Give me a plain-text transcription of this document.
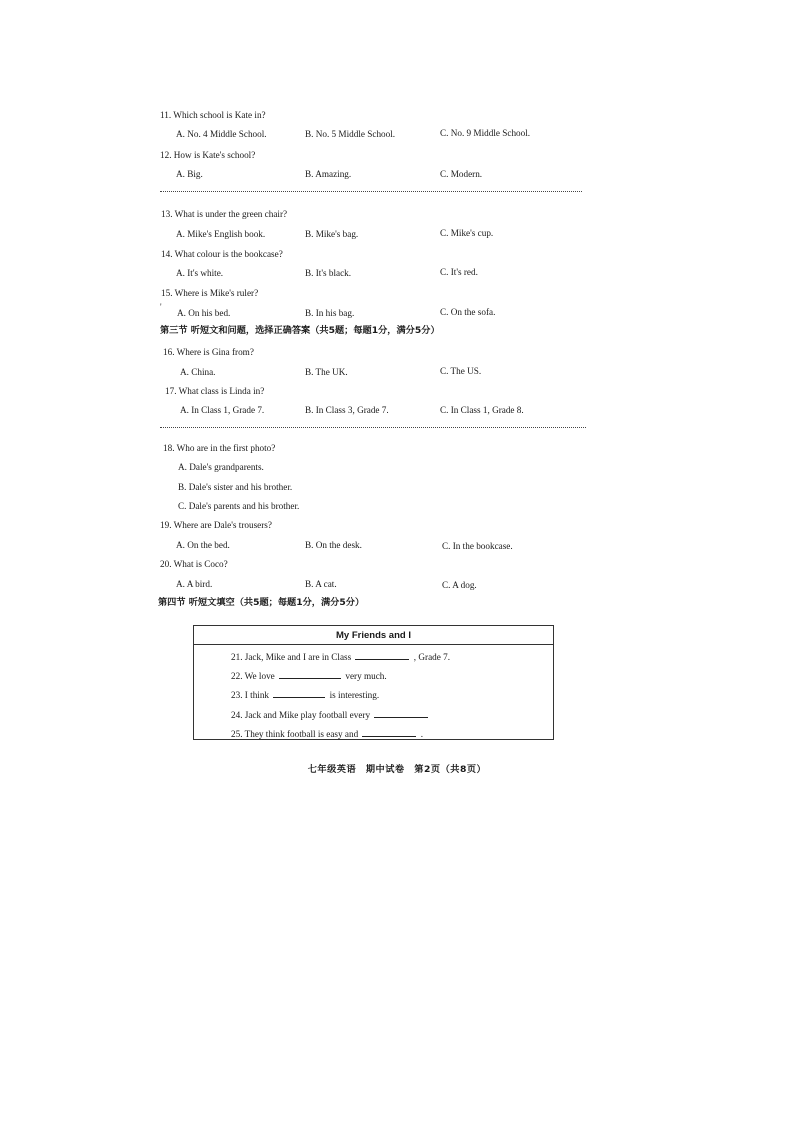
11. Which school is Kate in?
A. No. 4 Middle School.	B. No. 5 Middle School.	C. No. 9 Middle School.
12. How is Kate's school?
A. Big.	B. Amazing.	C. Modern.
13. What is under the green chair?
A. Mike's English book.	B. Mike's bag.	C. Mike's cup.
14. What colour is the bookcase?
A. It's white.	B. It's black.	C. It's red.
15. Where is Mike's ruler?
'
A. On his bed.	B. In his bag.	C. On the sofa.
第三节 听短文和问题，选择正确答案（共5题；每题1分，满分5分）
16. Where is Gina from?
A. China.	B. The UK.	C. The US.
17. What class is Linda in?
A. In Class 1, Grade 7.	B. In Class 3, Grade 7.	C. In Class 1, Grade 8.
18. Who are in the first photo?
A. Dale's grandparents.
B. Dale's sister and his brother.
C. Dale's parents and his brother.
19. Where are Dale's trousers?
A. On the bed.	B. On the desk.	C. In the bookcase.
20. What is Coco?
A. A bird.	B. A cat.	C. A dog.
第四节 听短文填空（共5题；每题1分，满分5分）
My Friends and I
21. Jack, Mike and I are in Class	, Grade 7.
22. We love	very much.
23. I think	is interesting.
24. Jack and Mike play football every
25. They think football is easy and	.
七年级英语　期中试卷　第2页（共8页）
